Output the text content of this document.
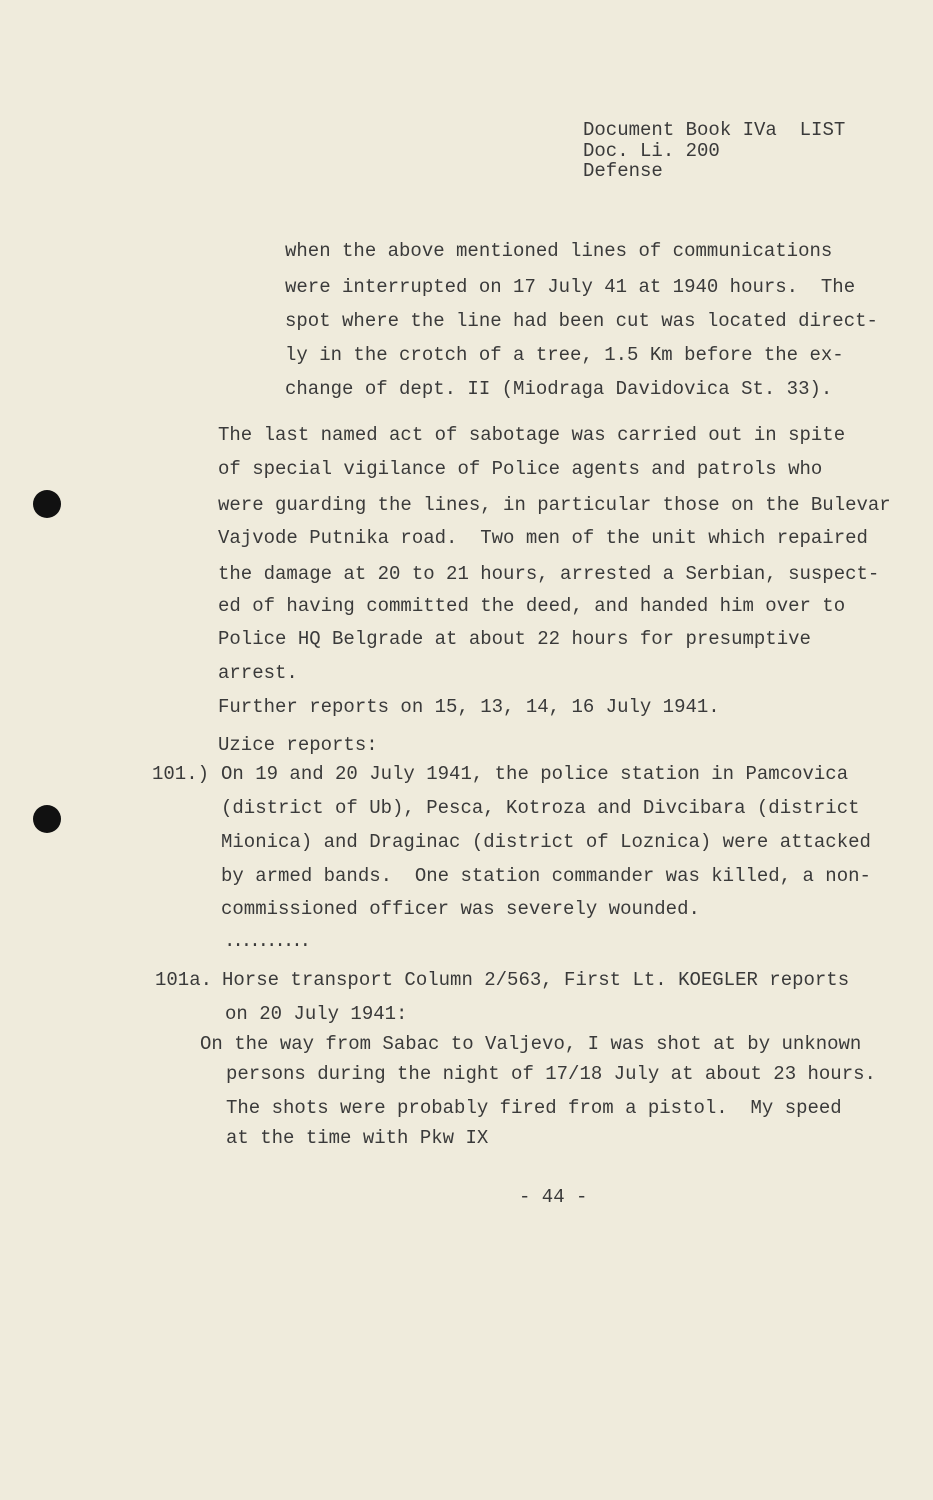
Document Book IVa  LIST
Doc. Li. 200
Defense
when the above mentioned lines of communications
were interrupted on 17 July 41 at 1940 hours.  The
spot where the line had been cut was located direct-
ly in the crotch of a tree, 1.5 Km before the ex-
change of dept. II (Miodraga Davidovica St. 33).
The last named act of sabotage was carried out in spite
of special vigilance of Police agents and patrols who
were guarding the lines, in particular those on the Bulevar
Vajvode Putnika road.  Two men of the unit which repaired
the damage at 20 to 21 hours, arrested a Serbian, suspect-
ed of having committed the deed, and handed him over to
Police HQ Belgrade at about 22 hours for presumptive
arrest.
Further reports on 15, 13, 14, 16 July 1941.
Uzice reports:
101.) On 19 and 20 July 1941, the police station in Pamcovica
(district of Ub), Pesca, Kotroza and Divcibara (district
Mionica) and Draginac (district of Loznica) were attacked
by armed bands.  One station commander was killed, a non-
commissioned officer was severely wounded.
..........
101a. Horse transport Column 2/563, First Lt. KOEGLER reports
on 20 July 1941:
On the way from Sabac to Valjevo, I was shot at by unknown
persons during the night of 17/18 July at about 23 hours.
The shots were probably fired from a pistol.  My speed
at the time with Pkw IX
- 44 -
